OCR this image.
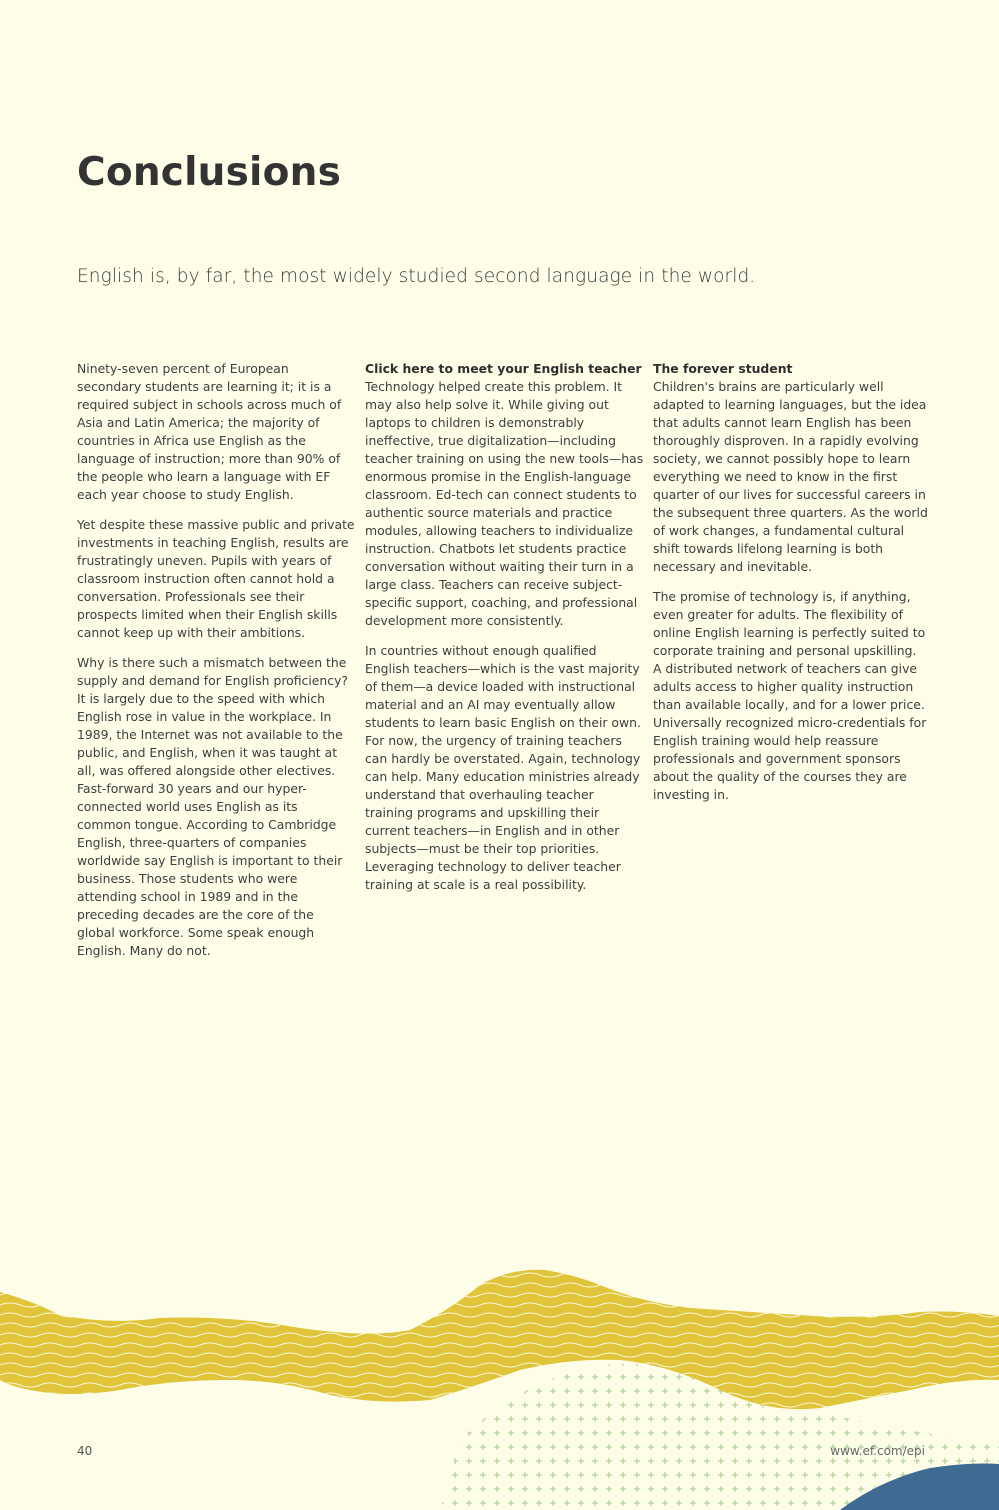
Conclusions

English is, by far, the most widely studied second language in the world.

Ninety-seven percent of European secondary students are learning it; it is a required subject in schools across much of Asia and Latin America; the majority of countries in Africa use English as the language of instruction; more than 90% of the people who learn a language with EF each year choose to study English.

Yet despite these massive public and private investments in teaching English, results are frustratingly uneven. Pupils with years of classroom instruction often cannot hold a conversation. Professionals see their prospects limited when their English skills cannot keep up with their ambitions.

Why is there such a mismatch between the supply and demand for English proficiency? It is largely due to the speed with which English rose in value in the workplace. In 1989, the Internet was not available to the public, and English, when it was taught at all, was offered alongside other electives. Fast-forward 30 years and our hyper-connected world uses English as its common tongue. According to Cambridge English, three-quarters of companies worldwide say English is important to their business. Those students who were attending school in 1989 and in the preceding decades are the core of the global workforce. Some speak enough English. Many do not.

Click here to meet your English teacher
Technology helped create this problem. It may also help solve it. While giving out laptops to children is demonstrably ineffective, true digitalization—including teacher training on using the new tools—has enormous promise in the English-language classroom. Ed-tech can connect students to authentic source materials and practice modules, allowing teachers to individualize instruction. Chatbots let students practice conversation without waiting their turn in a large class. Teachers can receive subject-specific support, coaching, and professional development more consistently.

In countries without enough qualified English teachers—which is the vast majority of them—a device loaded with instructional material and an AI may eventually allow students to learn basic English on their own. For now, the urgency of training teachers can hardly be overstated. Again, technology can help. Many education ministries already understand that overhauling teacher training programs and upskilling their current teachers—in English and in other subjects—must be their top priorities. Leveraging technology to deliver teacher training at scale is a real possibility.

The forever student
Children's brains are particularly well adapted to learning languages, but the idea that adults cannot learn English has been thoroughly disproven. In a rapidly evolving society, we cannot possibly hope to learn everything we need to know in the first quarter of our lives for successful careers in the subsequent three quarters. As the world of work changes, a fundamental cultural shift towards lifelong learning is both necessary and inevitable.

The promise of technology is, if anything, even greater for adults. The flexibility of online English learning is perfectly suited to corporate training and personal upskilling. A distributed network of teachers can give adults access to higher quality instruction than available locally, and for a lower price. Universally recognized micro-credentials for English training would help reassure professionals and government sponsors about the quality of the courses they are investing in.

40	www.ef.com/epi
